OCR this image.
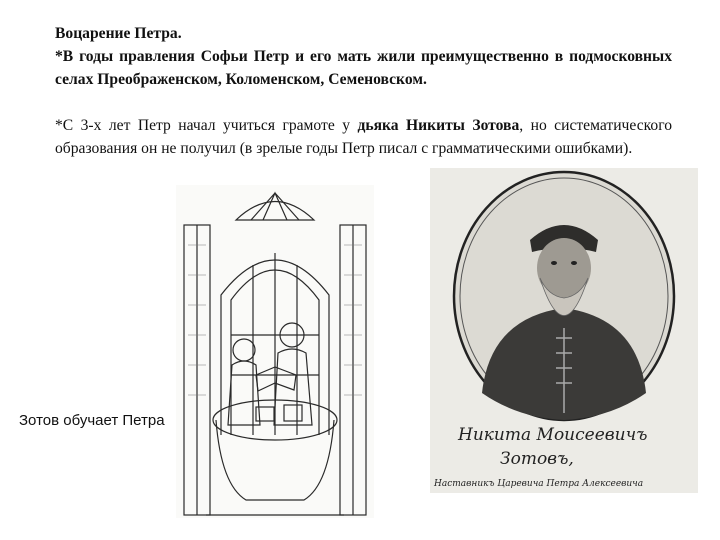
Воцарение Петра.
*В годы правления Софьи Петр и его мать жили преимущественно в подмосковных селах Преображенском, Коломенском, Семеновском.

*С 3-х лет Петр начал учиться грамоте у дьяка Никиты Зотова, но систематического образования он не получил (в зрелые годы Петр писал с грамматическими ошибками).

Зотов обучает Петра
Никита Моисеевичъ
Зотовъ,
Наставникъ Царевича Петра Алексеевича
